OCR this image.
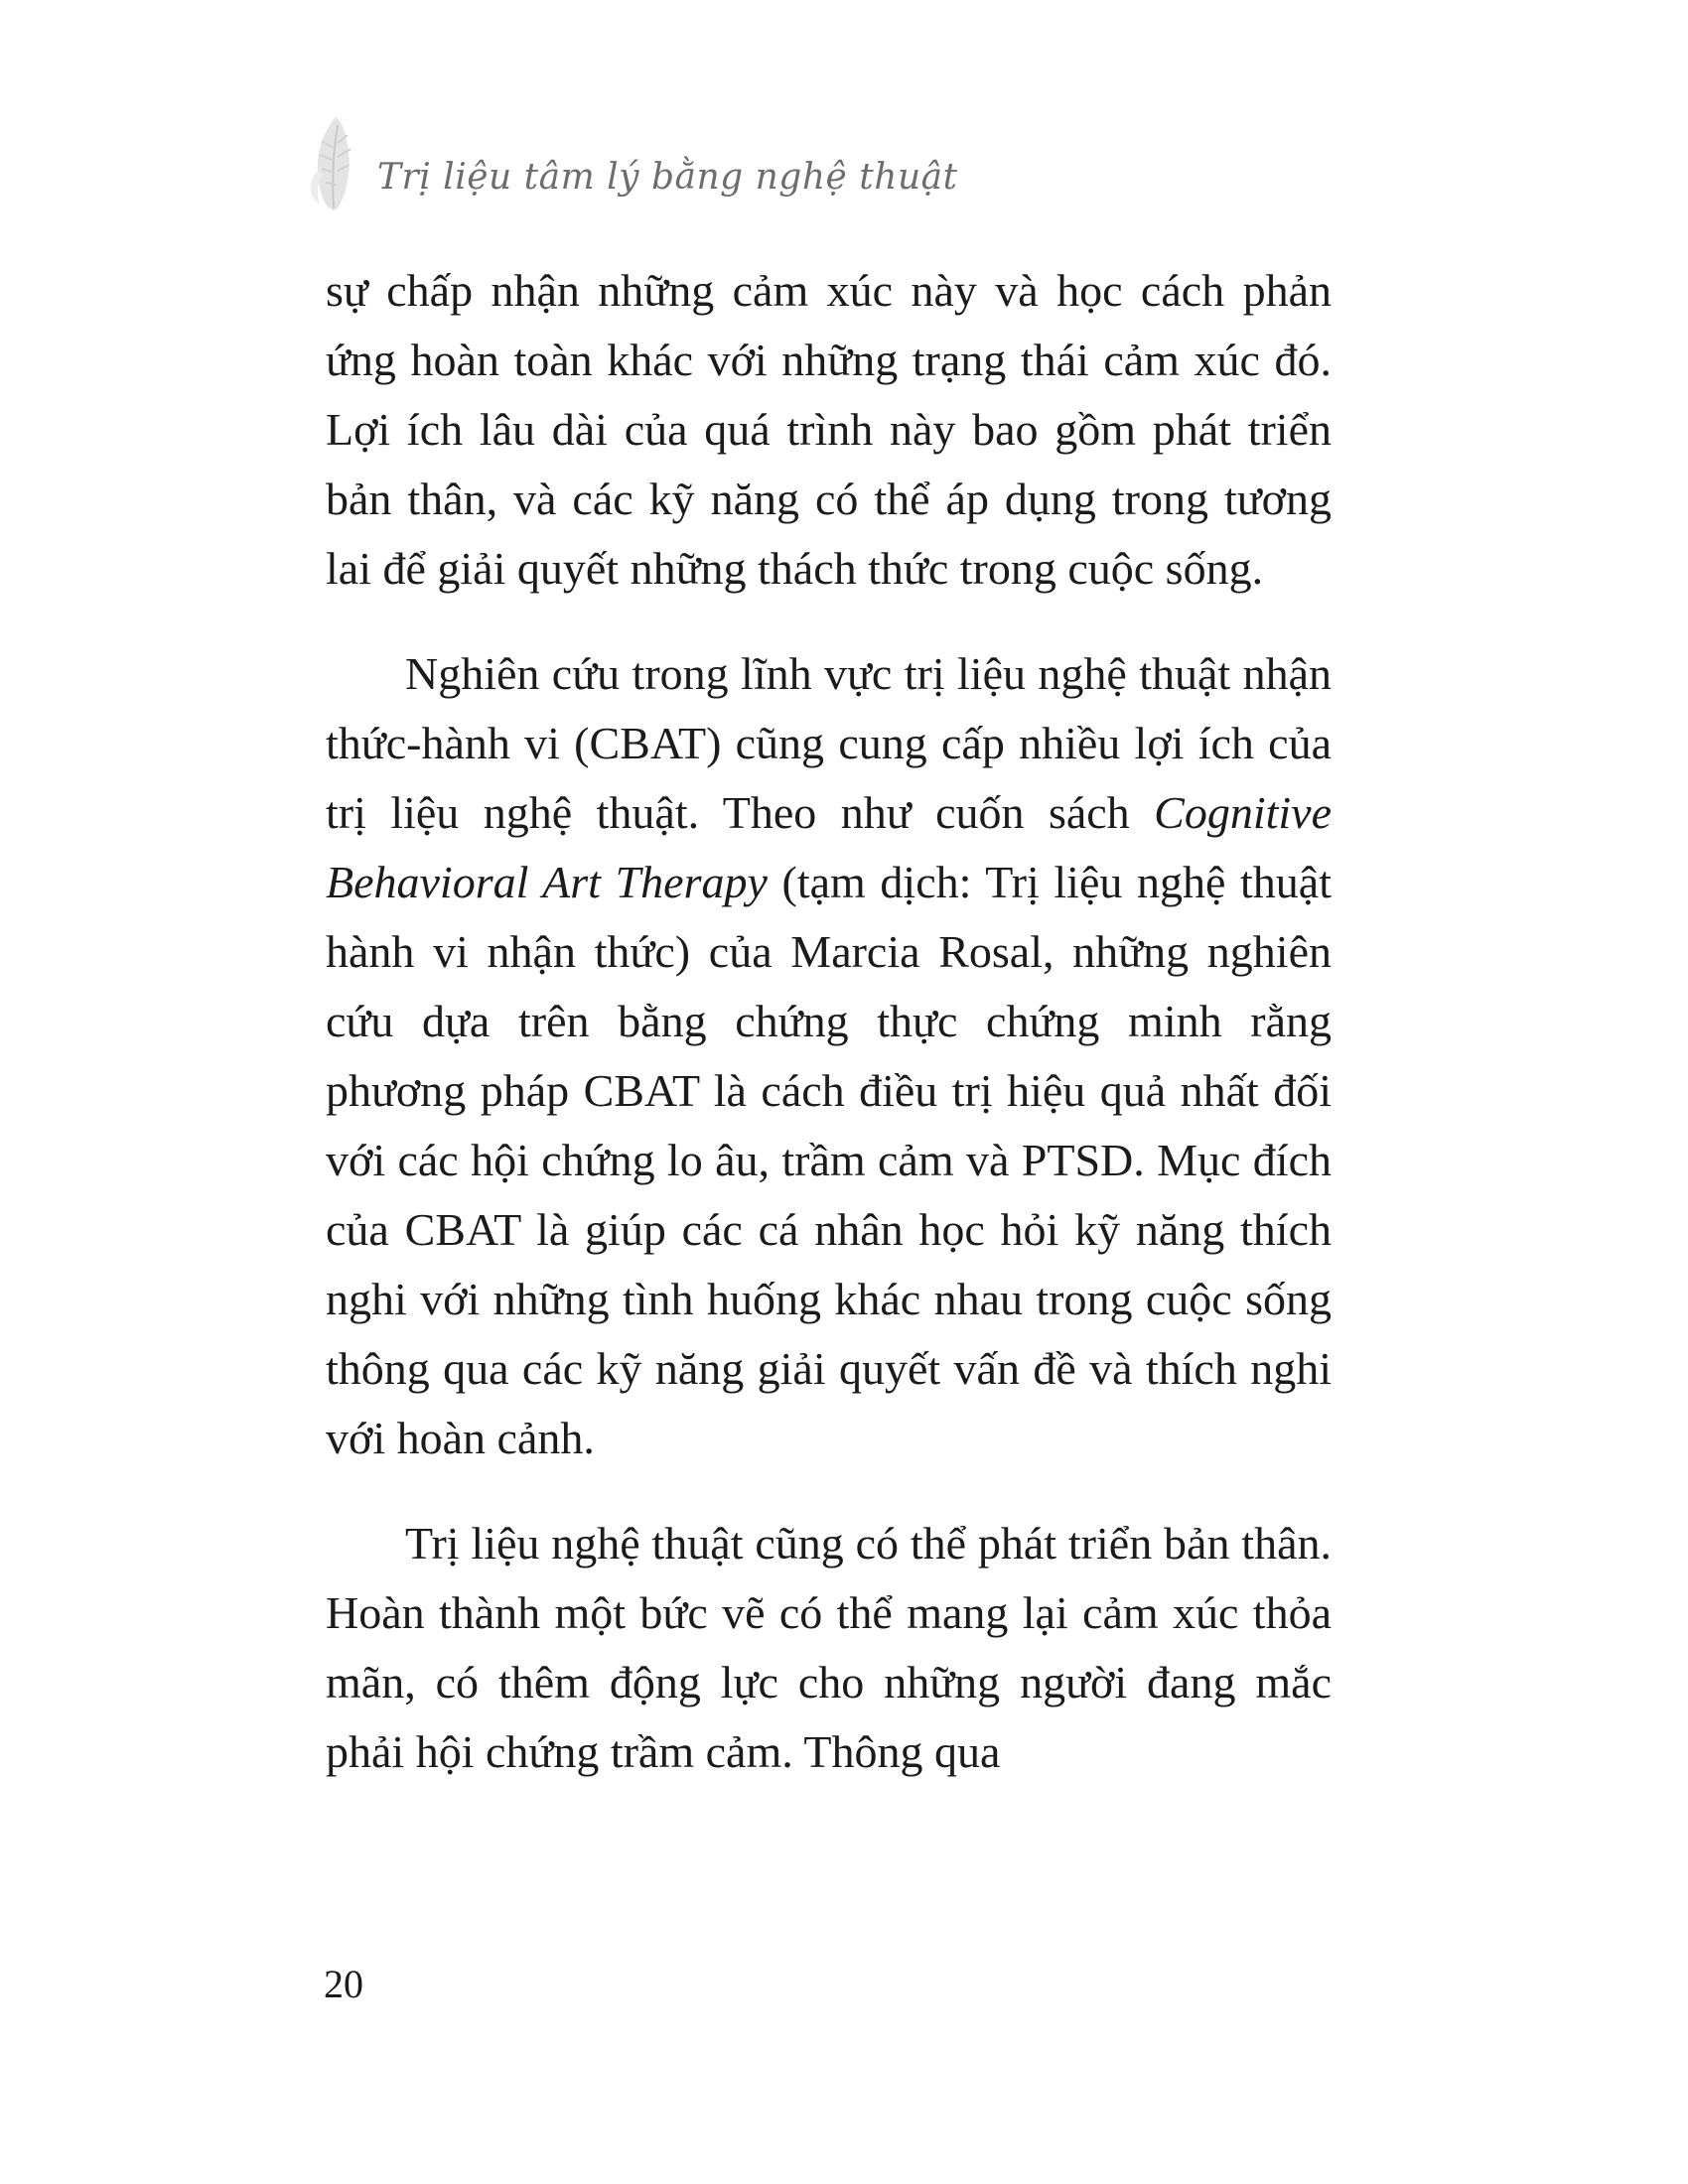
Trị liệu tâm lý bằng nghệ thuật

sự chấp nhận những cảm xúc này và học cách phản ứng hoàn toàn khác với những trạng thái cảm xúc đó. Lợi ích lâu dài của quá trình này bao gồm phát triển bản thân, và các kỹ năng có thể áp dụng trong tương lai để giải quyết những thách thức trong cuộc sống.

Nghiên cứu trong lĩnh vực trị liệu nghệ thuật nhận thức-hành vi (CBAT) cũng cung cấp nhiều lợi ích của trị liệu nghệ thuật. Theo như cuốn sách Cognitive Behavioral Art Therapy (tạm dịch: Trị liệu nghệ thuật hành vi nhận thức) của Marcia Rosal, những nghiên cứu dựa trên bằng chứng thực chứng minh rằng phương pháp CBAT là cách điều trị hiệu quả nhất đối với các hội chứng lo âu, trầm cảm và PTSD. Mục đích của CBAT là giúp các cá nhân học hỏi kỹ năng thích nghi với những tình huống khác nhau trong cuộc sống thông qua các kỹ năng giải quyết vấn đề và thích nghi với hoàn cảnh.

Trị liệu nghệ thuật cũng có thể phát triển bản thân. Hoàn thành một bức vẽ có thể mang lại cảm xúc thỏa mãn, có thêm động lực cho những người đang mắc phải hội chứng trầm cảm. Thông qua

20
